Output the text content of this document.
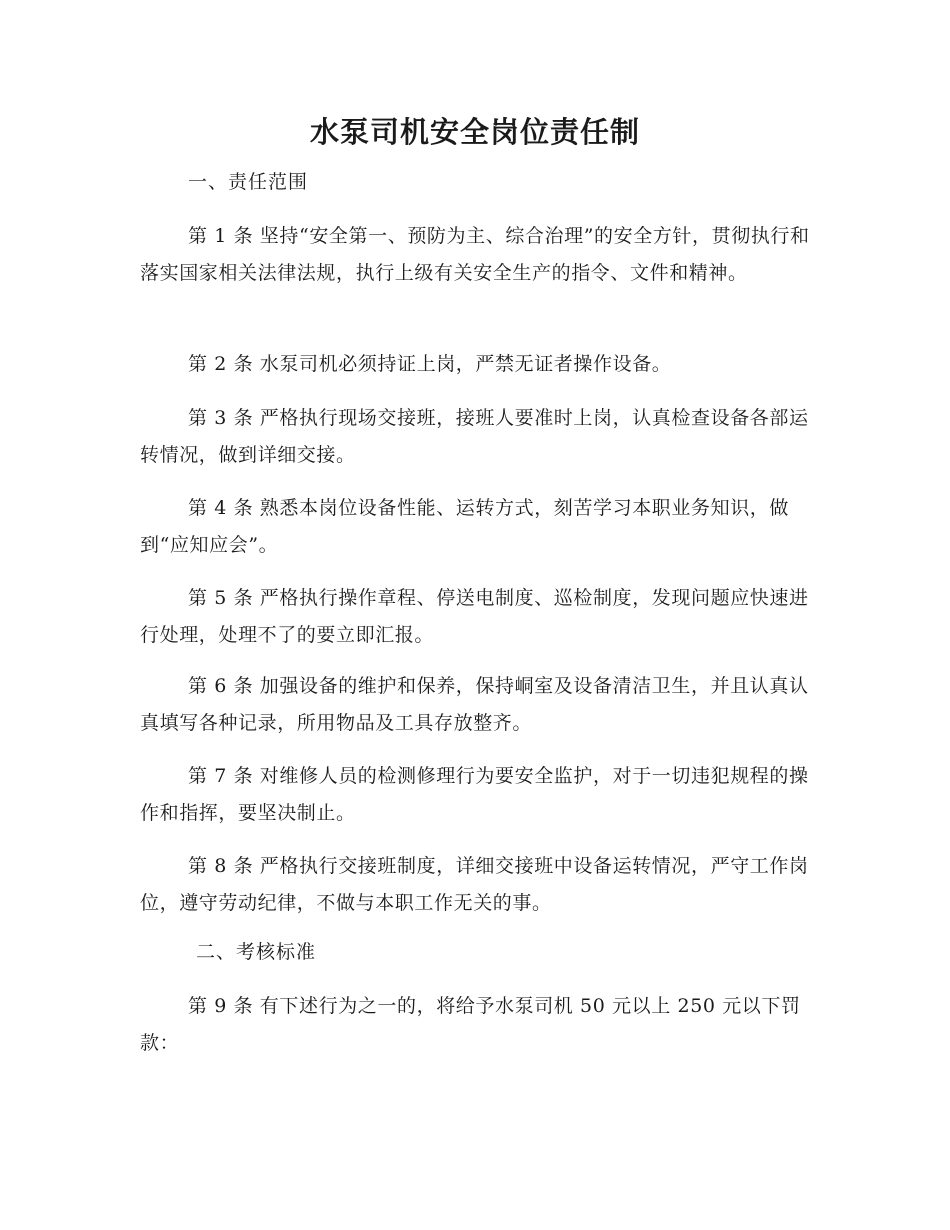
水泵司机安全岗位责任制
一、责任范围
第 1 条 坚持“安全第一、预防为主、综合治理”的安全方针，贯彻执行和落实国家相关法律法规，执行上级有关安全生产的指令、文件和精神。
第 2 条 水泵司机必须持证上岗，严禁无证者操作设备。
第 3 条 严格执行现场交接班，接班人要准时上岗，认真检查设备各部运转情况，做到详细交接。
第 4 条 熟悉本岗位设备性能、运转方式，刻苦学习本职业务知识，做到“应知应会”。
第 5 条 严格执行操作章程、停送电制度、巡检制度，发现问题应快速进行处理，处理不了的要立即汇报。
第 6 条 加强设备的维护和保养，保持峒室及设备清洁卫生，并且认真认真填写各种记录，所用物品及工具存放整齐。
第 7 条 对维修人员的检测修理行为要安全监护，对于一切违犯规程的操作和指挥，要坚决制止。
第 8 条 严格执行交接班制度，详细交接班中设备运转情况，严守工作岗位，遵守劳动纪律，不做与本职工作无关的事。
二、考核标准
第 9 条 有下述行为之一的，将给予水泵司机 50 元以上 250 元以下罚款：
